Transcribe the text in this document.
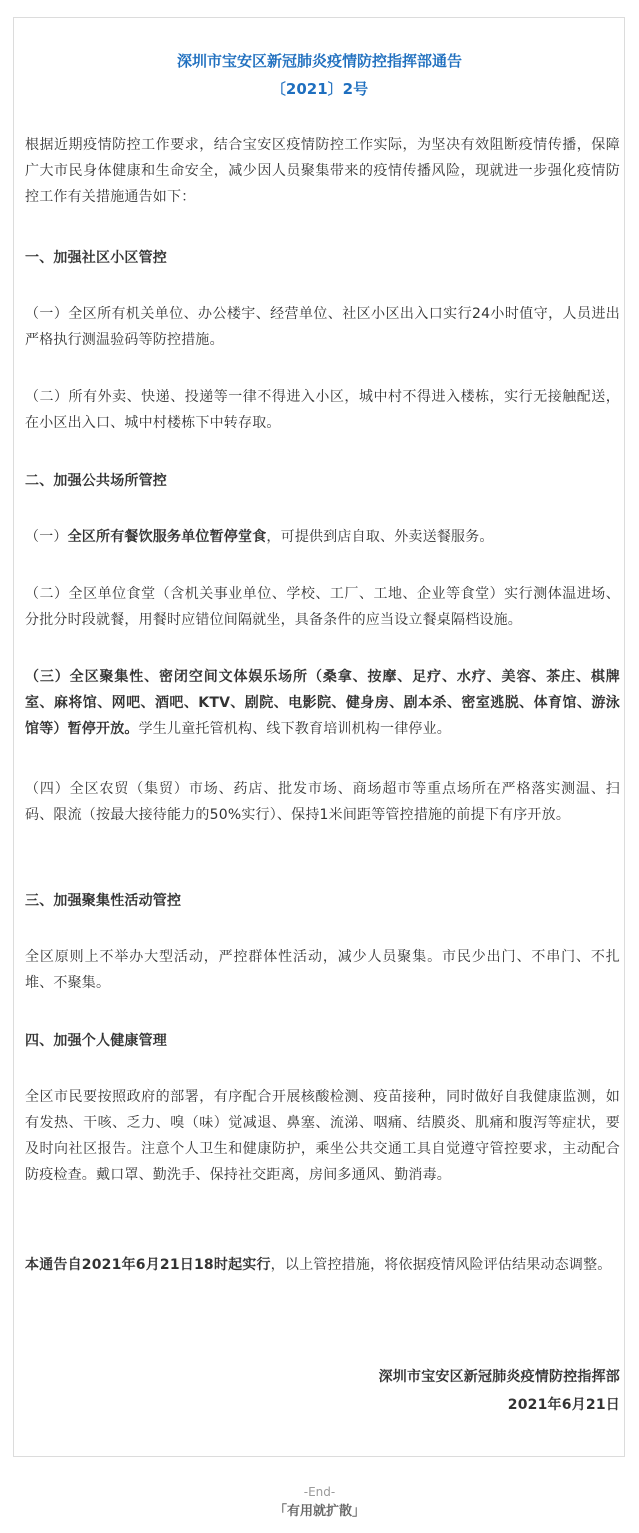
深圳市宝安区新冠肺炎疫情防控指挥部通告
〔2021〕2号

根据近期疫情防控工作要求，结合宝安区疫情防控工作实际，为坚决有效阻断疫情传播，保障广大市民身体健康和生命安全，减少因人员聚集带来的疫情传播风险，现就进一步强化疫情防控工作有关措施通告如下：

一、加强社区小区管控

（一）全区所有机关单位、办公楼宇、经营单位、社区小区出入口实行24小时值守，人员进出严格执行测温验码等防控措施。

（二）所有外卖、快递、投递等一律不得进入小区，城中村不得进入楼栋，实行无接触配送，在小区出入口、城中村楼栋下中转存取。

二、加强公共场所管控

（一）全区所有餐饮服务单位暂停堂食，可提供到店自取、外卖送餐服务。

（二）全区单位食堂（含机关事业单位、学校、工厂、工地、企业等食堂）实行测体温进场、分批分时段就餐，用餐时应错位间隔就坐，具备条件的应当设立餐桌隔档设施。

（三）全区聚集性、密闭空间文体娱乐场所（桑拿、按摩、足疗、水疗、美容、茶庄、棋牌室、麻将馆、网吧、酒吧、KTV、剧院、电影院、健身房、剧本杀、密室逃脱、体育馆、游泳馆等）暂停开放。学生儿童托管机构、线下教育培训机构一律停业。

（四）全区农贸（集贸）市场、药店、批发市场、商场超市等重点场所在严格落实测温、扫码、限流（按最大接待能力的50%实行）、保持1米间距等管控措施的前提下有序开放。

三、加强聚集性活动管控

全区原则上不举办大型活动，严控群体性活动，减少人员聚集。市民少出门、不串门、不扎堆、不聚集。

四、加强个人健康管理

全区市民要按照政府的部署，有序配合开展核酸检测、疫苗接种，同时做好自我健康监测，如有发热、干咳、乏力、嗅（味）觉减退、鼻塞、流涕、咽痛、结膜炎、肌痛和腹泻等症状，要及时向社区报告。注意个人卫生和健康防护，乘坐公共交通工具自觉遵守管控要求，主动配合防疫检查。戴口罩、勤洗手、保持社交距离，房间多通风、勤消毒。

本通告自2021年6月21日18时起实行，以上管控措施，将依据疫情风险评估结果动态调整。

深圳市宝安区新冠肺炎疫情防控指挥部

2021年6月21日

-End-
「有用就扩散」
